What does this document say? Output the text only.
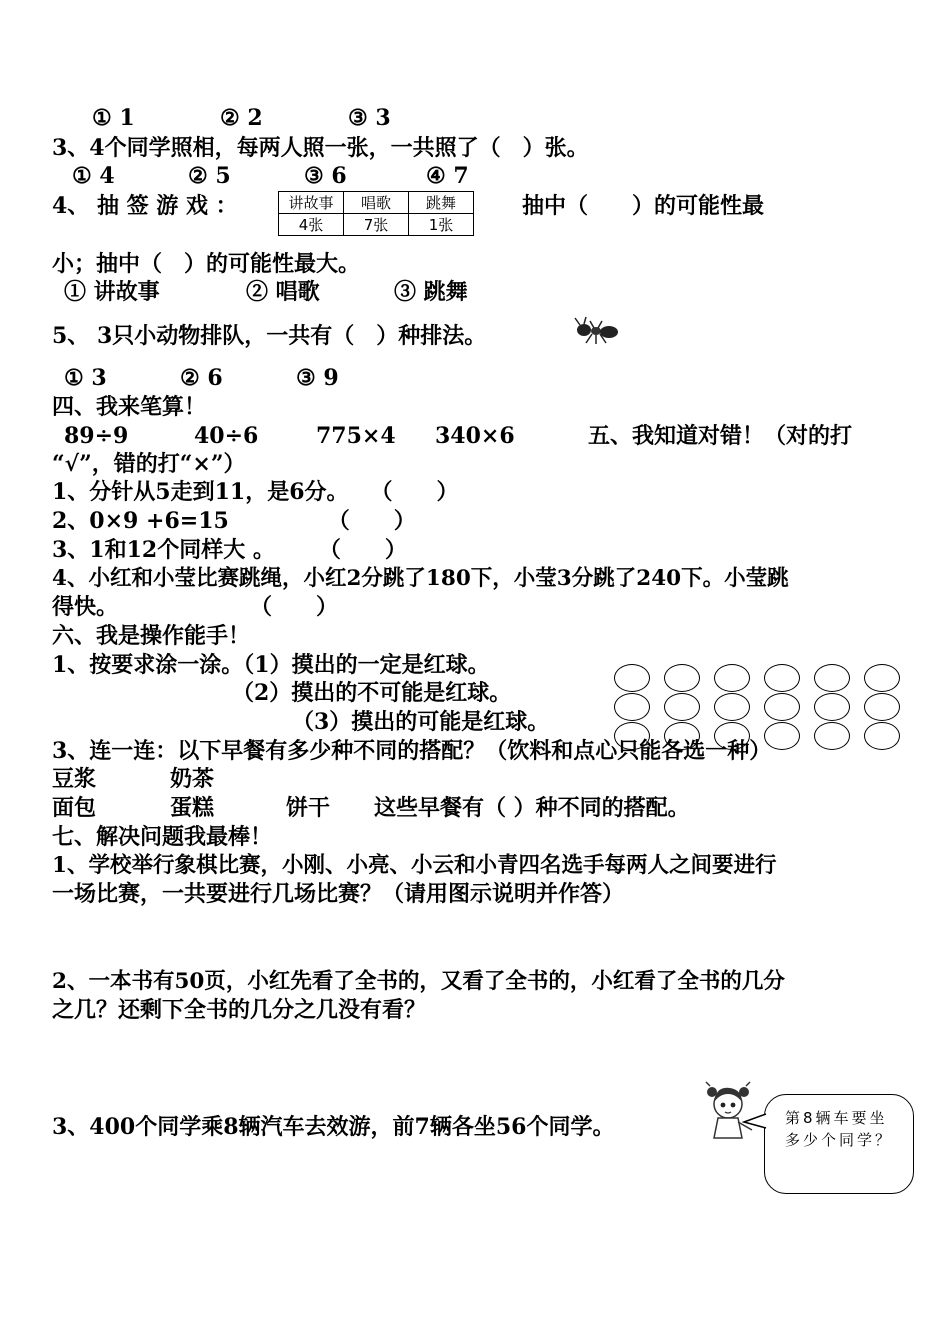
① 1	② 2	③ 3
3、4个同学照相，每两人照一张，一共照了（　）张。
① 4	② 5	③ 6	④ 7
4、 抽 签 游 戏 ：	讲故事	唱歌	跳舞
4张	7张	1张
抽中（　　）的可能性最
小；抽中（　）的可能性最大。
① 讲故事	② 唱歌	③ 跳舞
5、 3只小动物排队，一共有（　）种排法。
① 3	② 6	③ 9
四、我来笔算！
89÷9	40÷6	775×4 340×6	五、我知道对错！（对的打
“√”，错的打“×”）
1、分针从5走到11，是6分。　　（　　）
2、0×9 +6=15　　　　　（　　）
3、1和12个同样大 。　　　（　　）
4、小红和小莹比赛跳绳，小红2分跳了180下，小莹3分跳了240下。小莹跳
得快。　　　　　　　（　　）
六、我是操作能手！
1、按要求涂一涂。（1）摸出的一定是红球。
（2）摸出的不可能是红球。
（3）摸出的可能是红球。
3、连一连：以下早餐有多少种不同的搭配？（饮料和点心只能各选一种）
豆浆	奶茶
面包	蛋糕	饼干 这些早餐有（ ）种不同的搭配。
七、解决问题我最棒！
1、学校举行象棋比赛，小刚、小亮、小云和小青四名选手每两人之间要进行
一场比赛，一共要进行几场比赛？（请用图示说明并作答）
2、一本书有50页，小红先看了全书的，又看了全书的，小红看了全书的几分
之几？还剩下全书的几分之几没有看？
3、400个同学乘8辆汽车去效游，前7辆各坐56个同学。	第8辆车要坐多少个同学？
